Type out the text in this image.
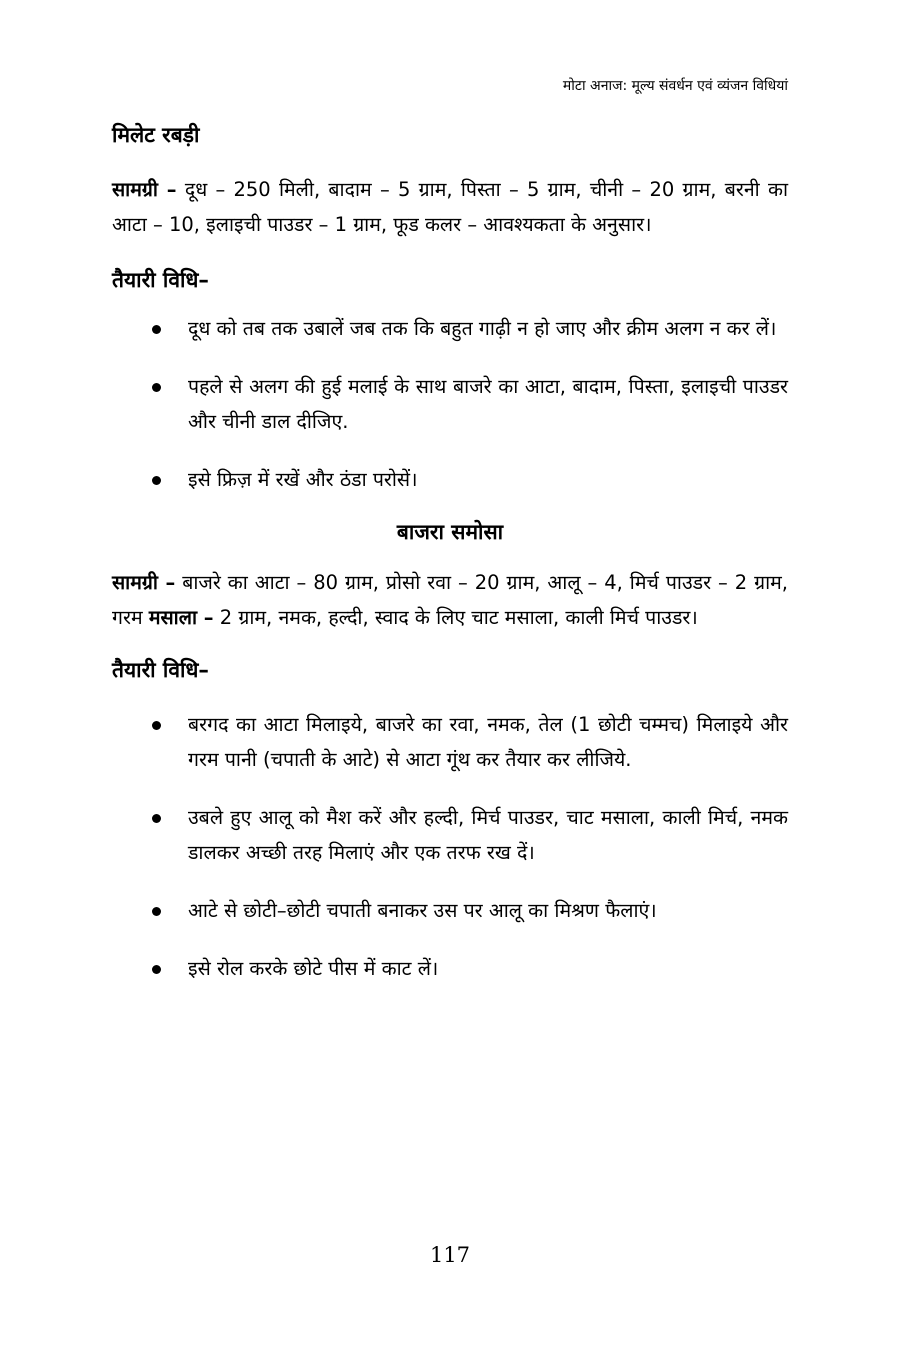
मोटा अनाज: मूल्य संवर्धन एवं व्यंजन विधियां
मिलेट रबड़ी

सामग्री – दूध – 250 मिली, बादाम – 5 ग्राम, पिस्ता – 5 ग्राम, चीनी – 20 ग्राम, बरनी का आटा – 10, इलाइची पाउडर – 1 ग्राम, फूड कलर – आवश्यकता के अनुसार।

तैयारी विधि–
दूध को तब तक उबालें जब तक कि बहुत गाढ़ी न हो जाए और क्रीम अलग न कर लें।
पहले से अलग की हुई मलाई के साथ बाजरे का आटा, बादाम, पिस्ता, इलाइची पाउडर और चीनी डाल दीजिए.
इसे फ्रिज़ में रखें और ठंडा परोसें।
बाजरा समोसा

सामग्री – बाजरे का आटा – 80 ग्राम, प्रोसो रवा – 20 ग्राम, आलू – 4, मिर्च पाउडर – 2 ग्राम, गरम मसाला – 2 ग्राम, नमक, हल्दी, स्वाद के लिए चाट मसाला, काली मिर्च पाउडर।

तैयारी विधि–
बरगद का आटा मिलाइये, बाजरे का रवा, नमक, तेल (1 छोटी चम्मच) मिलाइये और गरम पानी (चपाती के आटे) से आटा गूंथ कर तैयार कर लीजिये.
उबले हुए आलू को मैश करें और हल्दी, मिर्च पाउडर, चाट मसाला, काली मिर्च, नमक डालकर अच्छी तरह मिलाएं और एक तरफ रख दें।
आटे से छोटी–छोटी चपाती बनाकर उस पर आलू का मिश्रण फैलाएं।
इसे रोल करके छोटे पीस में काट लें।
117
